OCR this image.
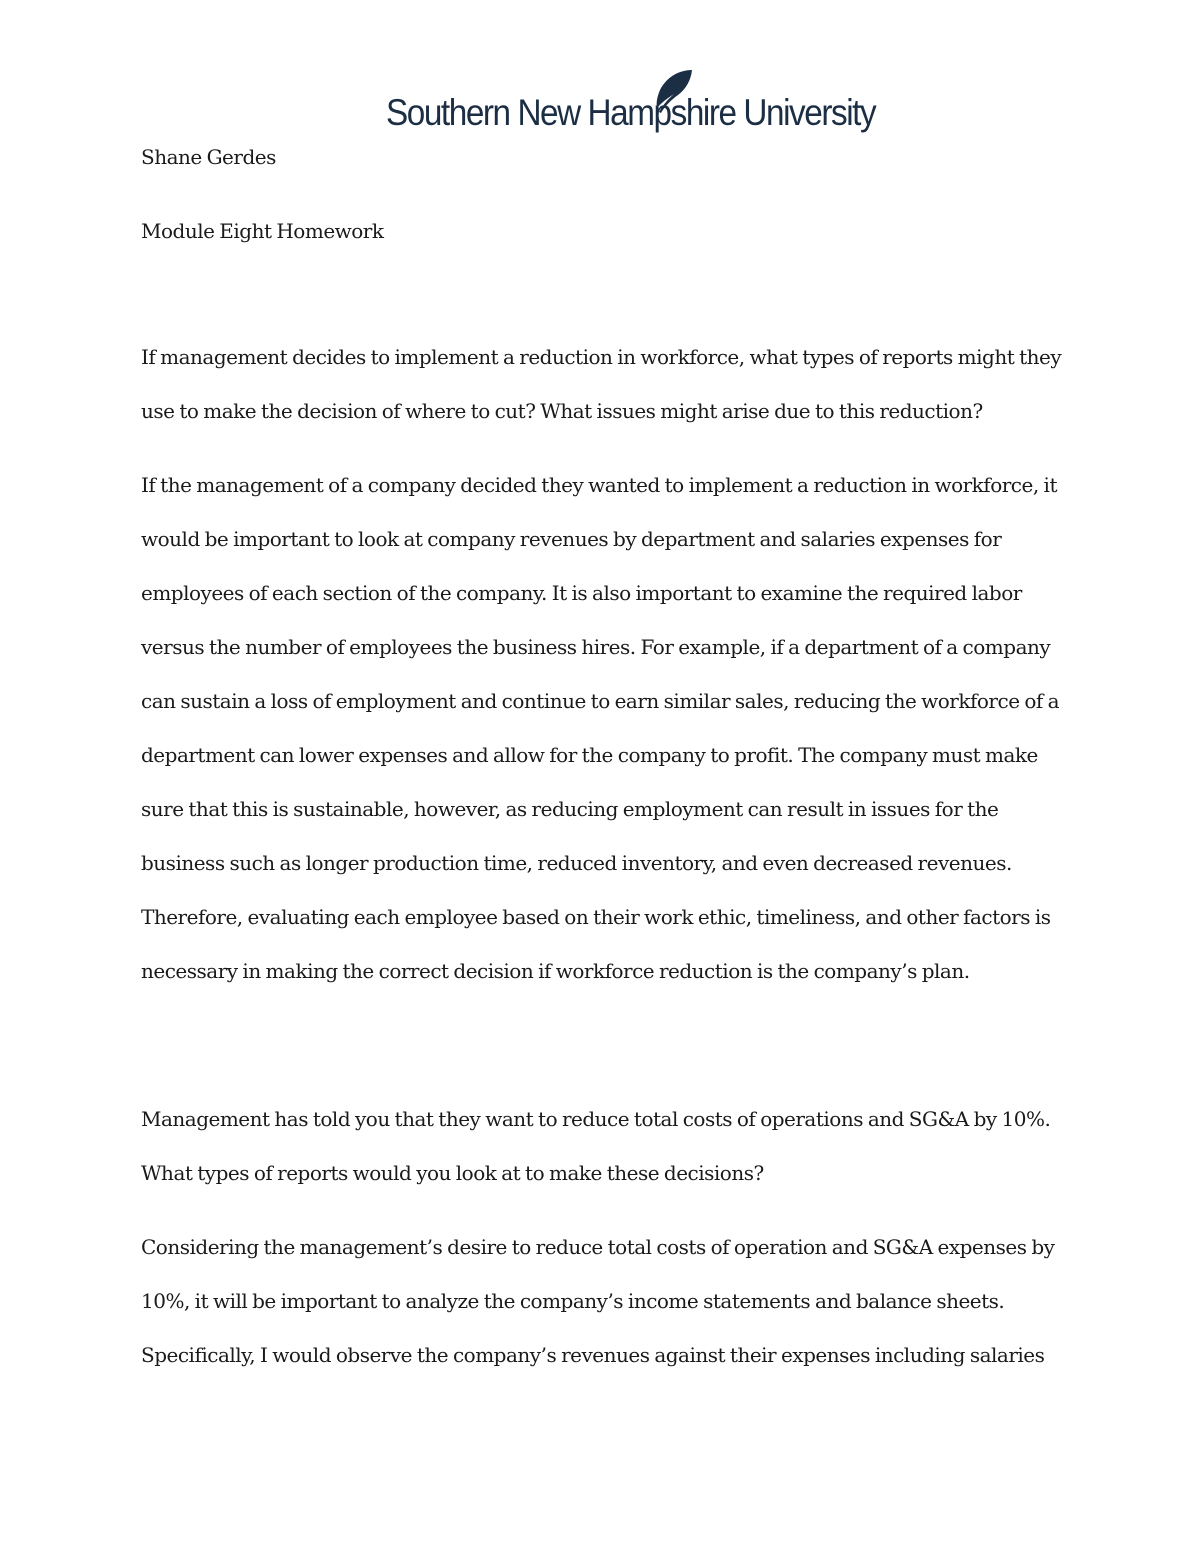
Southern New Hampshire University
Shane Gerdes
Module Eight Homework
If management decides to implement a reduction in workforce, what types of reports might they
use to make the decision of where to cut? What issues might arise due to this reduction?
If the management of a company decided they wanted to implement a reduction in workforce, it
would be important to look at company revenues by department and salaries expenses for
employees of each section of the company. It is also important to examine the required labor
versus the number of employees the business hires. For example, if a department of a company
can sustain a loss of employment and continue to earn similar sales, reducing the workforce of a
department can lower expenses and allow for the company to profit. The company must make
sure that this is sustainable, however, as reducing employment can result in issues for the
business such as longer production time, reduced inventory, and even decreased revenues.
Therefore, evaluating each employee based on their work ethic, timeliness, and other factors is
necessary in making the correct decision if workforce reduction is the company’s plan.
Management has told you that they want to reduce total costs of operations and SG&A by 10%.
What types of reports would you look at to make these decisions?
Considering the management’s desire to reduce total costs of operation and SG&A expenses by
10%, it will be important to analyze the company’s income statements and balance sheets.
Specifically, I would observe the company’s revenues against their expenses including salaries
